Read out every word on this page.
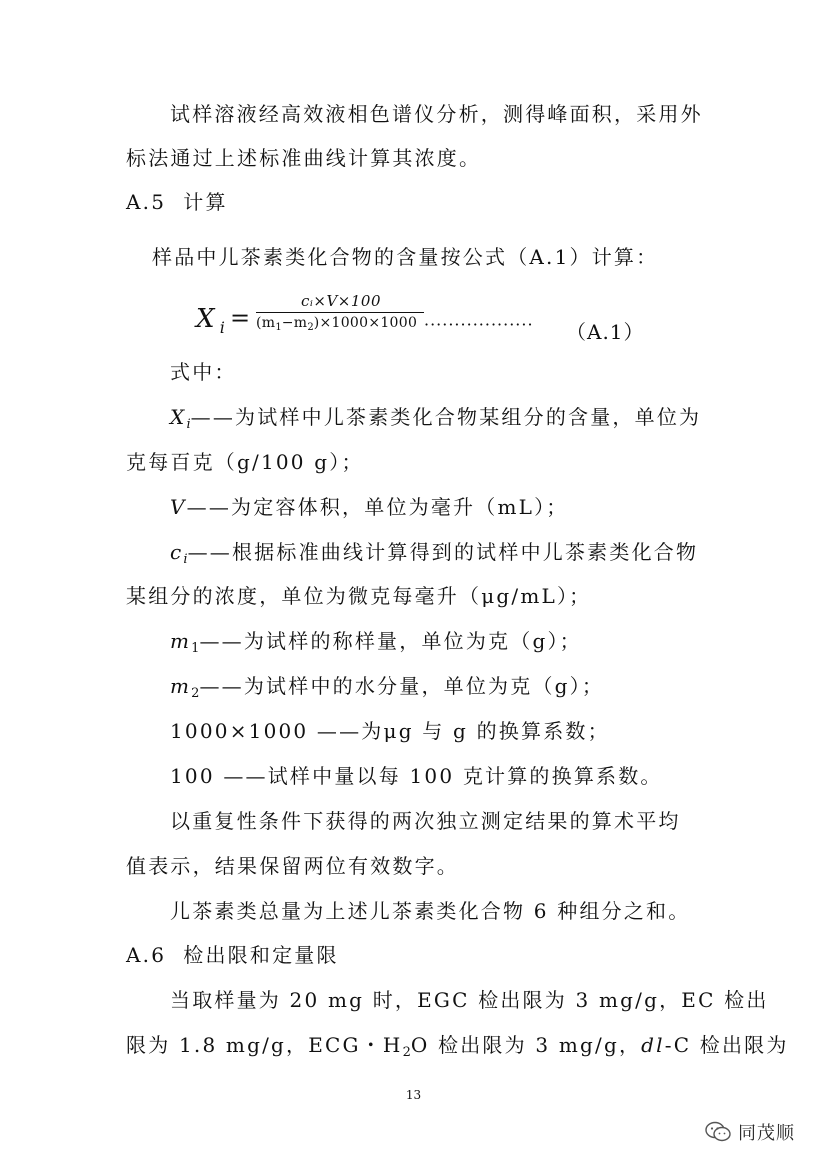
试样溶液经高效液相色谱仪分析，测得峰面积，采用外
标法通过上述标准曲线计算其浓度。
A.5 计算
样品中儿茶素类化合物的含量按公式（A.1）计算：
X  $_i$ =
cᵢ×V×100
$(m_1-m_2)\times 1000\times 1000$ ·················· （A.1）
式中：
$X_i——$为试样中儿茶素类化合物某组分的含量，单位为
克每百克（g/100 g）；
V——为定容体积，单位为毫升（mL）；
$c_i——$根据标准曲线计算得到的试样中儿茶素类化合物
某组分的浓度，单位为微克每毫升（μg/mL）；
$m_1——$为试样的称样量，单位为克（g）；
$m_2——$为试样中的水分量，单位为克（g）；
1000×1000 ——为μg 与 g 的换算系数；
100 ——试样中量以每 100 克计算的换算系数。
以重复性条件下获得的两次独立测定结果的算术平均
值表示，结果保留两位有效数字。
儿茶素类总量为上述儿茶素类化合物 6 种组分之和。
A.6 检出限和定量限
当取样量为 20 mg 时，EGC 检出限为 3 mg/g，EC 检出
限为 1.8 mg/g，ECG・$H_2O$ 检出限为 3 mg/g，dl-C 检出限为
13
同茂顺
